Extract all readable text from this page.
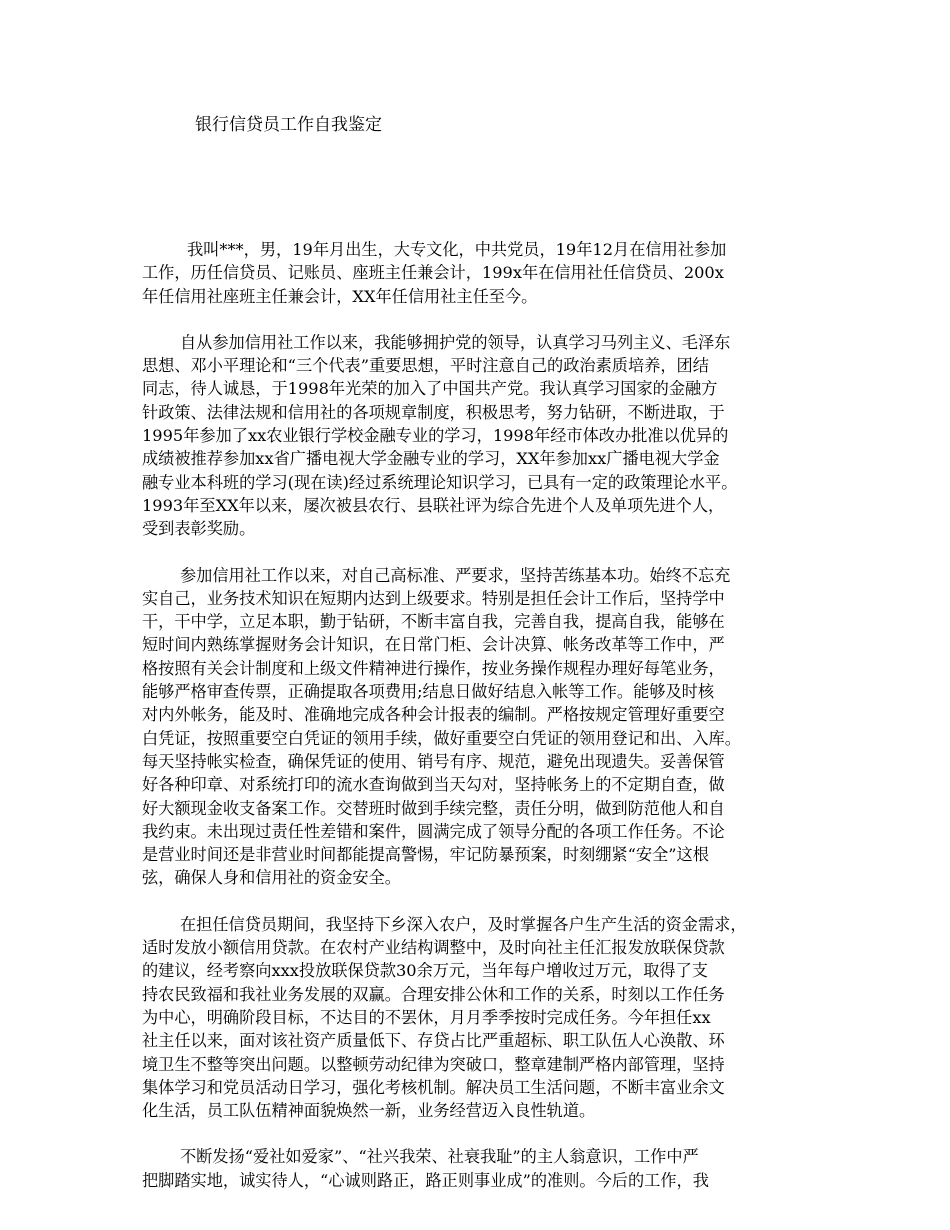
银行信贷员工作自我鉴定

我叫***，男，19年月出生，大专文化，中共党员，19年12月在信用社参加
工作，历任信贷员、记账员、座班主任兼会计，199x年在信用社任信贷员、200x
年任信用社座班主任兼会计，XX年任信用社主任至今。

自从参加信用社工作以来，我能够拥护党的领导，认真学习马列主义、毛泽东
思想、邓小平理论和“三个代表”重要思想，平时注意自己的政治素质培养，团结
同志，待人诚恳，于1998年光荣的加入了中国共产党。我认真学习国家的金融方
针政策、法律法规和信用社的各项规章制度，积极思考，努力钻研，不断进取，于
1995年参加了xx农业银行学校金融专业的学习，1998年经市体改办批准以优异的
成绩被推荐参加xx省广播电视大学金融专业的学习，XX年参加xx广播电视大学金
融专业本科班的学习(现在读)经过系统理论知识学习，已具有一定的政策理论水平。
1993年至XX年以来，屡次被县农行、县联社评为综合先进个人及单项先进个人，
受到表彰奖励。

参加信用社工作以来，对自己高标准、严要求，坚持苦练基本功。始终不忘充
实自己，业务技术知识在短期内达到上级要求。特别是担任会计工作后，坚持学中
干，干中学，立足本职，勤于钻研，不断丰富自我，完善自我，提高自我，能够在
短时间内熟练掌握财务会计知识，在日常门柜、会计决算、帐务改革等工作中，严
格按照有关会计制度和上级文件精神进行操作，按业务操作规程办理好每笔业务，
能够严格审查传票，正确提取各项费用;结息日做好结息入帐等工作。能够及时核
对内外帐务，能及时、准确地完成各种会计报表的编制。严格按规定管理好重要空
白凭证，按照重要空白凭证的领用手续，做好重要空白凭证的领用登记和出、入库。
每天坚持帐实检查，确保凭证的使用、销号有序、规范，避免出现遗失。妥善保管
好各种印章、对系统打印的流水查询做到当天勾对，坚持帐务上的不定期自查，做
好大额现金收支备案工作。交替班时做到手续完整，责任分明，做到防范他人和自
我约束。未出现过责任性差错和案件，圆满完成了领导分配的各项工作任务。不论
是营业时间还是非营业时间都能提高警惕，牢记防暴预案，时刻绷紧“安全”这根
弦，确保人身和信用社的资金安全。

在担任信贷员期间，我坚持下乡深入农户，及时掌握各户生产生活的资金需求，
适时发放小额信用贷款。在农村产业结构调整中，及时向社主任汇报发放联保贷款
的建议，经考察向xxx投放联保贷款30余万元，当年每户增收过万元，取得了支
持农民致福和我社业务发展的双赢。合理安排公休和工作的关系，时刻以工作任务
为中心，明确阶段目标，不达目的不罢休，月月季季按时完成任务。今年担任xx
社主任以来，面对该社资产质量低下、存贷占比严重超标、职工队伍人心涣散、环
境卫生不整等突出问题。以整顿劳动纪律为突破口，整章建制严格内部管理，坚持
集体学习和党员活动日学习，强化考核机制。解决员工生活问题，不断丰富业余文
化生活，员工队伍精神面貌焕然一新，业务经营迈入良性轨道。

不断发扬“爱社如爱家”、“社兴我荣、社衰我耻”的主人翁意识，工作中严
把脚踏实地，诚实待人，“心诚则路正，路正则事业成”的准则。今后的工作，我
